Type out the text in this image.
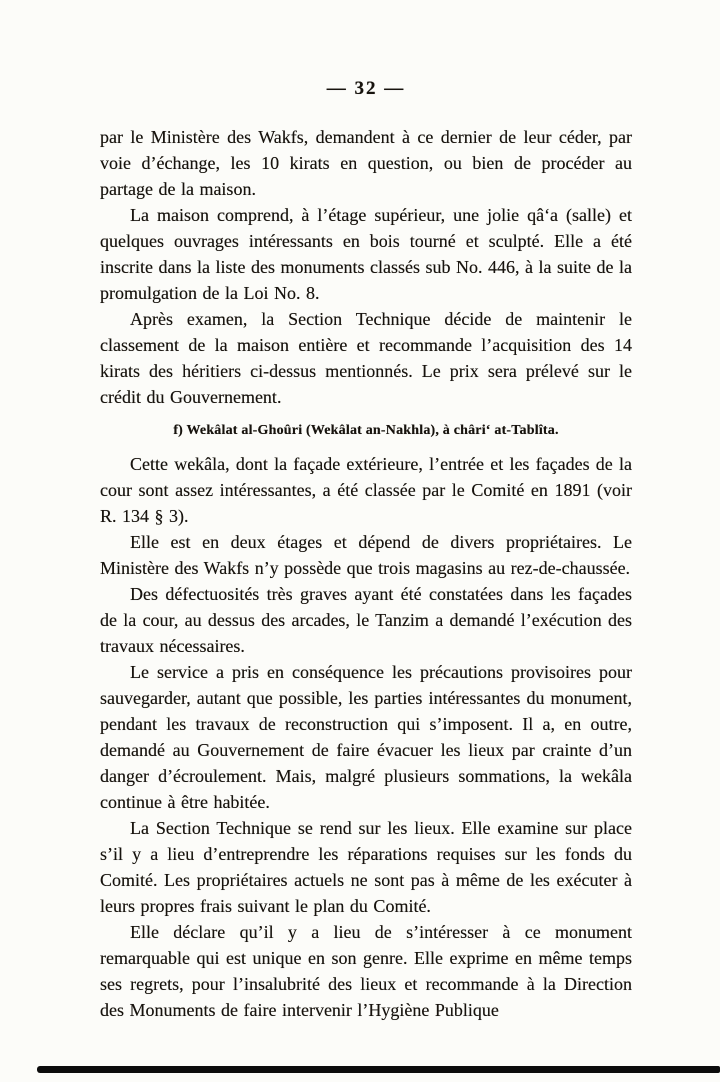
— 32 —

par le Ministère des Wakfs, demandent à ce dernier de leur céder, par voie d’échange, les 10 kirats en question, ou bien de procéder au partage de la maison.

La maison comprend, à l’étage supérieur, une jolie qâ‘a (salle) et quelques ouvrages intéressants en bois tourné et sculpté. Elle a été inscrite dans la liste des monuments classés sub No. 446, à la suite de la promulgation de la Loi No. 8.

Après examen, la Section Technique décide de maintenir le classement de la maison entière et recommande l’acquisition des 14 kirats des héritiers ci-dessus mentionnés. Le prix sera prélevé sur le crédit du Gouvernement.

f) Wekâlat al-Ghoûri (Wekâlat an-Nakhla), à châri‘ at-Tablîta.

Cette wekâla, dont la façade extérieure, l’entrée et les façades de la cour sont assez intéressantes, a été classée par le Comité en 1891 (voir R. 134 § 3).

Elle est en deux étages et dépend de divers propriétaires. Le Ministère des Wakfs n’y possède que trois magasins au rez-de-chaussée.

Des défectuosités très graves ayant été constatées dans les façades de la cour, au dessus des arcades, le Tanzim a demandé l’exécution des travaux nécessaires.

Le service a pris en conséquence les précautions provisoires pour sauvegarder, autant que possible, les parties intéressantes du monument, pendant les travaux de reconstruction qui s’imposent. Il a, en outre, demandé au Gouvernement de faire évacuer les lieux par crainte d’un danger d’écroulement. Mais, malgré plusieurs sommations, la wekâla continue à être habitée.

La Section Technique se rend sur les lieux. Elle examine sur place s’il y a lieu d’entreprendre les réparations requises sur les fonds du Comité. Les propriétaires actuels ne sont pas à même de les exécuter à leurs propres frais suivant le plan du Comité.

Elle déclare qu’il y a lieu de s’intéresser à ce monument remarquable qui est unique en son genre. Elle exprime en même temps ses regrets, pour l’insalubrité des lieux et recommande à la Direction des Monuments de faire intervenir l’Hygiène Publique
